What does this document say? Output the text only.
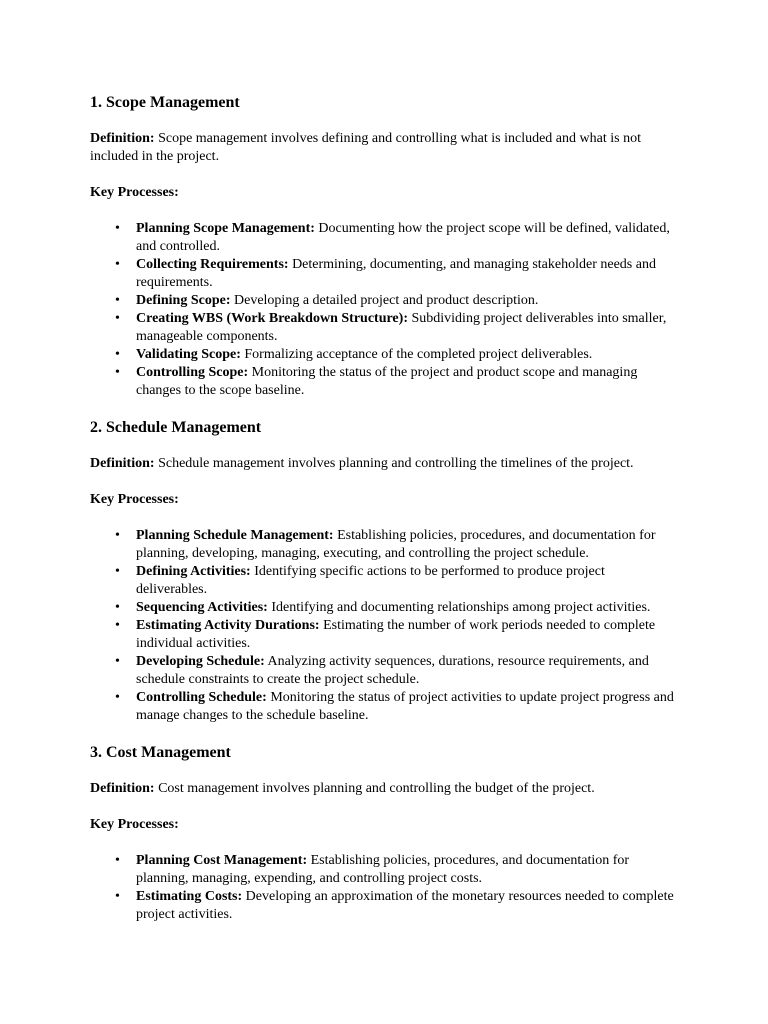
1. Scope Management

Definition: Scope management involves defining and controlling what is included and what is not included in the project.

Key Processes:

• Planning Scope Management: Documenting how the project scope will be defined, validated, and controlled.
• Collecting Requirements: Determining, documenting, and managing stakeholder needs and requirements.
• Defining Scope: Developing a detailed project and product description.
• Creating WBS (Work Breakdown Structure): Subdividing project deliverables into smaller, manageable components.
• Validating Scope: Formalizing acceptance of the completed project deliverables.
• Controlling Scope: Monitoring the status of the project and product scope and managing changes to the scope baseline.
2. Schedule Management

Definition: Schedule management involves planning and controlling the timelines of the project.

Key Processes:

• Planning Schedule Management: Establishing policies, procedures, and documentation for planning, developing, managing, executing, and controlling the project schedule.
• Defining Activities: Identifying specific actions to be performed to produce project deliverables.
• Sequencing Activities: Identifying and documenting relationships among project activities.
• Estimating Activity Durations: Estimating the number of work periods needed to complete individual activities.
• Developing Schedule: Analyzing activity sequences, durations, resource requirements, and schedule constraints to create the project schedule.
• Controlling Schedule: Monitoring the status of project activities to update project progress and manage changes to the schedule baseline.
3. Cost Management

Definition: Cost management involves planning and controlling the budget of the project.

Key Processes:

• Planning Cost Management: Establishing policies, procedures, and documentation for planning, managing, expending, and controlling project costs.
• Estimating Costs: Developing an approximation of the monetary resources needed to complete project activities.
